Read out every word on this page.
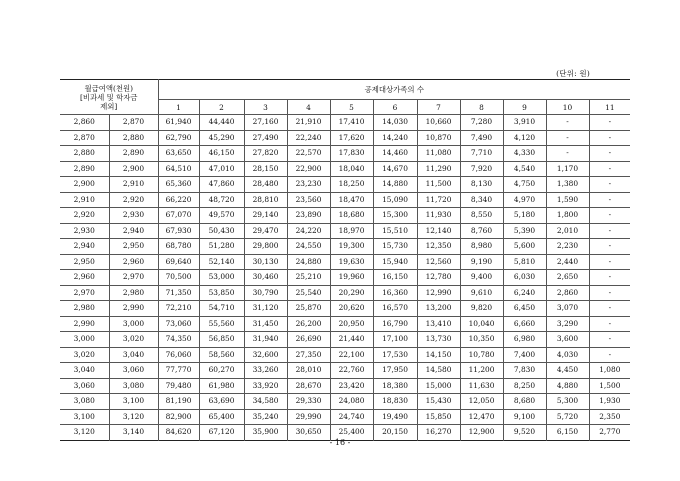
(단위: 원)
월급여액(천원)
[비과세 및 학자금
제외]		공제대상가족의 수										
		1	2	3	4	5	6	7	8	9	10	11
2,860	2,870	61,940	44,440	27,160	21,910	17,410	14,030	10,660	7,280	3,910	-	-
2,870	2,880	62,790	45,290	27,490	22,240	17,620	14,240	10,870	7,490	4,120	-	-
2,880	2,890	63,650	46,150	27,820	22,570	17,830	14,460	11,080	7,710	4,330	-	-
2,890	2,900	64,510	47,010	28,150	22,900	18,040	14,670	11,290	7,920	4,540	1,170	-
2,900	2,910	65,360	47,860	28,480	23,230	18,250	14,880	11,500	8,130	4,750	1,380	-
2,910	2,920	66,220	48,720	28,810	23,560	18,470	15,090	11,720	8,340	4,970	1,590	-
2,920	2,930	67,070	49,570	29,140	23,890	18,680	15,300	11,930	8,550	5,180	1,800	-
2,930	2,940	67,930	50,430	29,470	24,220	18,970	15,510	12,140	8,760	5,390	2,010	-
2,940	2,950	68,780	51,280	29,800	24,550	19,300	15,730	12,350	8,980	5,600	2,230	-
2,950	2,960	69,640	52,140	30,130	24,880	19,630	15,940	12,560	9,190	5,810	2,440	-
2,960	2,970	70,500	53,000	30,460	25,210	19,960	16,150	12,780	9,400	6,030	2,650	-
2,970	2,980	71,350	53,850	30,790	25,540	20,290	16,360	12,990	9,610	6,240	2,860	-
2,980	2,990	72,210	54,710	31,120	25,870	20,620	16,570	13,200	9,820	6,450	3,070	-
2,990	3,000	73,060	55,560	31,450	26,200	20,950	16,790	13,410	10,040	6,660	3,290	-
3,000	3,020	74,350	56,850	31,940	26,690	21,440	17,100	13,730	10,350	6,980	3,600	-
3,020	3,040	76,060	58,560	32,600	27,350	22,100	17,530	14,150	10,780	7,400	4,030	-
3,040	3,060	77,770	60,270	33,260	28,010	22,760	17,950	14,580	11,200	7,830	4,450	1,080
3,060	3,080	79,480	61,980	33,920	28,670	23,420	18,380	15,000	11,630	8,250	4,880	1,500
3,080	3,100	81,190	63,690	34,580	29,330	24,080	18,830	15,430	12,050	8,680	5,300	1,930
3,100	3,120	82,900	65,400	35,240	29,990	24,740	19,490	15,850	12,470	9,100	5,720	2,350
3,120	3,140	84,620	67,120	35,900	30,650	25,400	20,150	16,270	12,900	9,520	6,150	2,770
- 16 -
